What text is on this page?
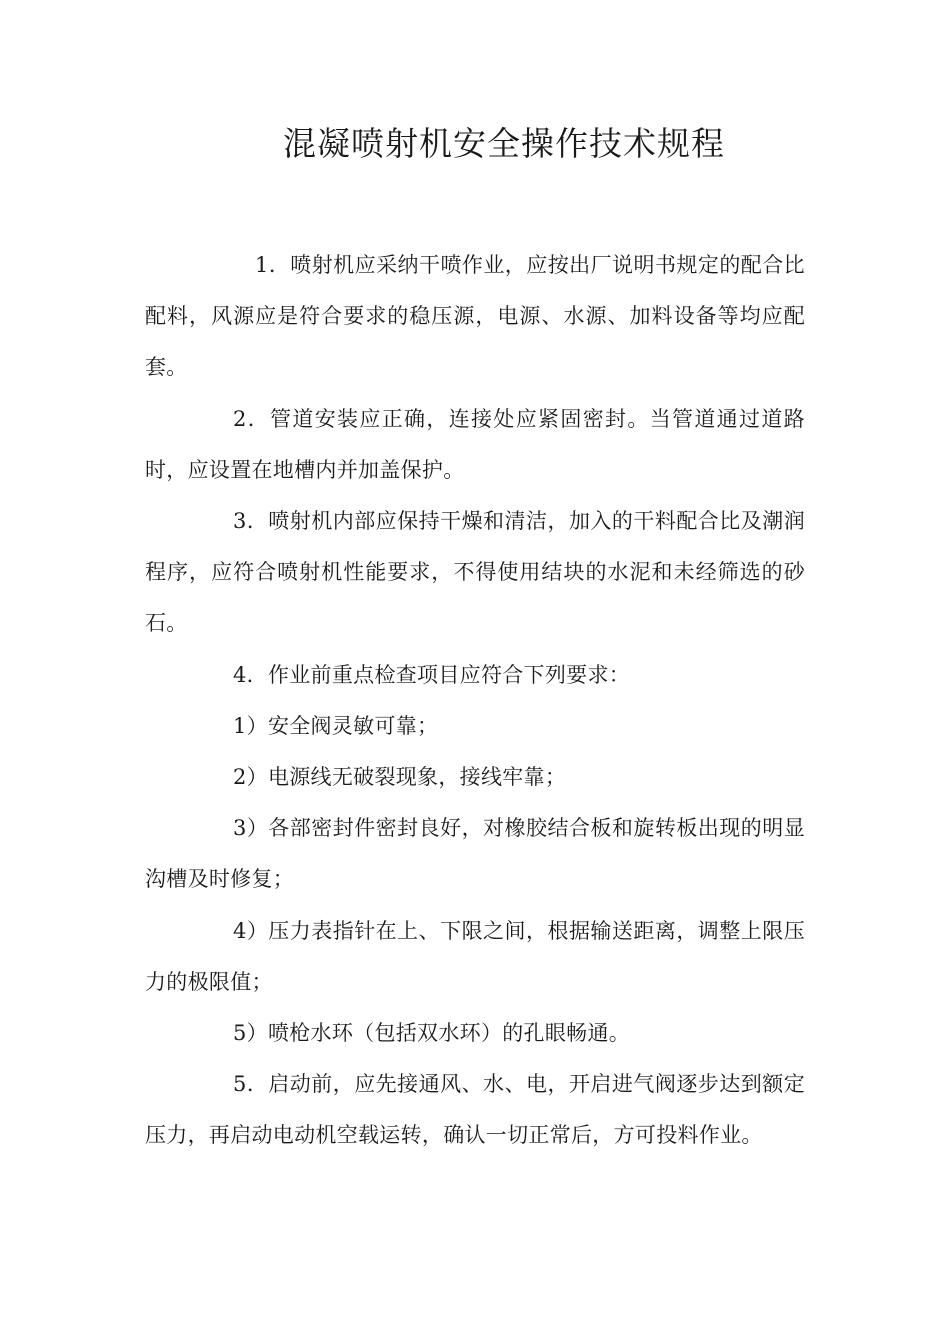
混凝喷射机安全操作技术规程

1．喷射机应采纳干喷作业，应按出厂说明书规定的配合比配料，风源应是符合要求的稳压源，电源、水源、加料设备等均应配套。

2．管道安装应正确，连接处应紧固密封。当管道通过道路时，应设置在地槽内并加盖保护。

3．喷射机内部应保持干燥和清洁，加入的干料配合比及潮润程序，应符合喷射机性能要求，不得使用结块的水泥和未经筛选的砂石。

4．作业前重点检查项目应符合下列要求：

1）安全阀灵敏可靠；

2）电源线无破裂现象，接线牢靠；

3）各部密封件密封良好，对橡胶结合板和旋转板出现的明显沟槽及时修复；

4）压力表指针在上、下限之间，根据输送距离，调整上限压力的极限值；

5）喷枪水环（包括双水环）的孔眼畅通。

5．启动前，应先接通风、水、电，开启进气阀逐步达到额定压力，再启动电动机空载运转，确认一切正常后，方可投料作业。
